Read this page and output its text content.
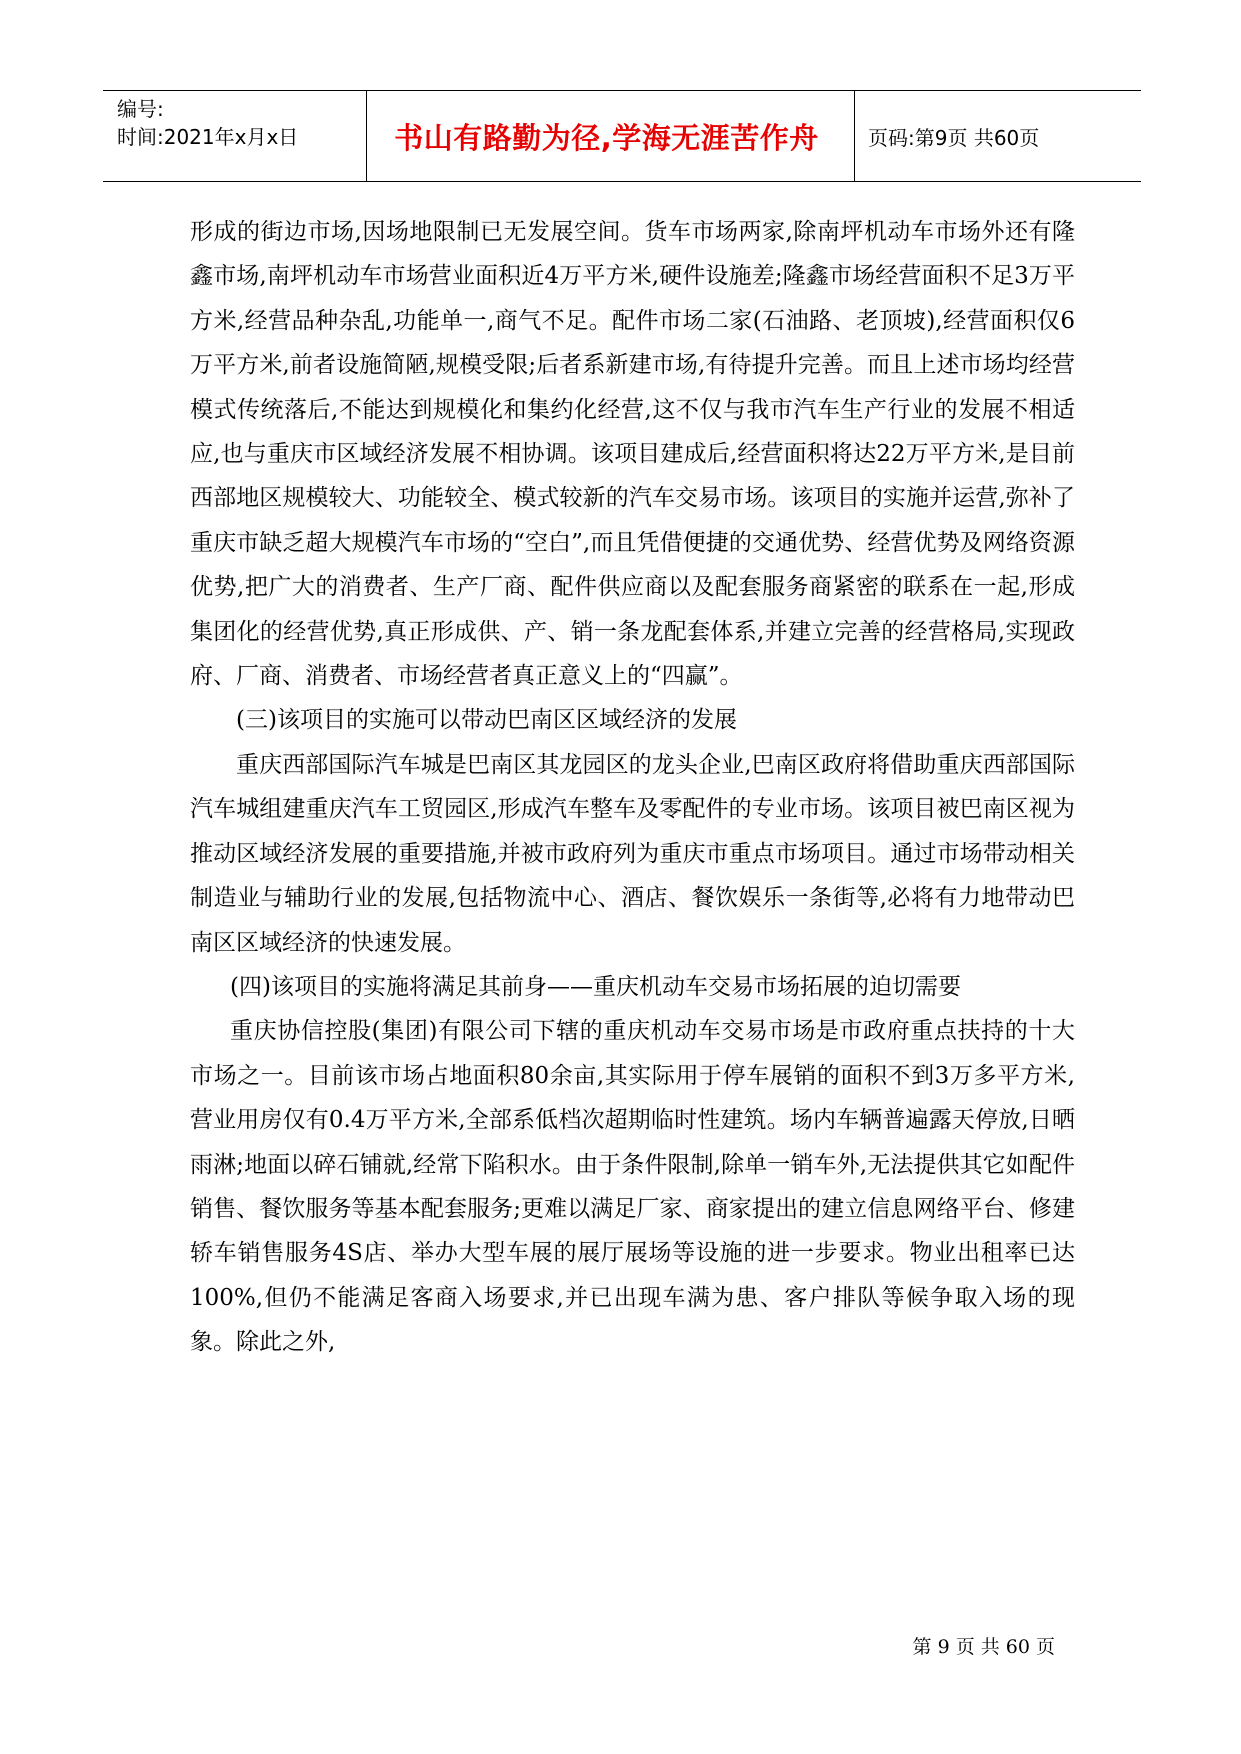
编号:
时间:2021年x月x日	书山有路勤为径,学海无涯苦作舟	页码:第9页 共60页

形成的街边市场,因场地限制已无发展空间。货车市场两家,除南坪机动车市场外还有隆鑫市场,南坪机动车市场营业面积近4万平方米,硬件设施差;隆鑫市场经营面积不足3万平方米,经营品种杂乱,功能单一,商气不足。配件市场二家(石油路、老顶坡),经营面积仅6万平方米,前者设施简陋,规模受限;后者系新建市场,有待提升完善。而且上述市场均经营模式传统落后,不能达到规模化和集约化经营,这不仅与我市汽车生产行业的发展不相适应,也与重庆市区域经济发展不相协调。该项目建成后,经营面积将达22万平方米,是目前西部地区规模较大、功能较全、模式较新的汽车交易市场。该项目的实施并运营,弥补了重庆市缺乏超大规模汽车市场的“空白”,而且凭借便捷的交通优势、经营优势及网络资源优势,把广大的消费者、生产厂商、配件供应商以及配套服务商紧密的联系在一起,形成集团化的经营优势,真正形成供、产、销一条龙配套体系,并建立完善的经营格局,实现政府、厂商、消费者、市场经营者真正意义上的“四赢”。

(三)该项目的实施可以带动巴南区区域经济的发展

重庆西部国际汽车城是巴南区其龙园区的龙头企业,巴南区政府将借助重庆西部国际汽车城组建重庆汽车工贸园区,形成汽车整车及零配件的专业市场。该项目被巴南区视为推动区域经济发展的重要措施,并被市政府列为重庆市重点市场项目。通过市场带动相关制造业与辅助行业的发展,包括物流中心、酒店、餐饮娱乐一条街等,必将有力地带动巴南区区域经济的快速发展。

(四)该项目的实施将满足其前身——重庆机动车交易市场拓展的迫切需要

重庆协信控股(集团)有限公司下辖的重庆机动车交易市场是市政府重点扶持的十大市场之一。目前该市场占地面积80余亩,其实际用于停车展销的面积不到3万多平方米,营业用房仅有0.4万平方米,全部系低档次超期临时性建筑。场内车辆普遍露天停放,日晒雨淋;地面以碎石铺就,经常下陷积水。由于条件限制,除单一销车外,无法提供其它如配件销售、餐饮服务等基本配套服务;更难以满足厂家、商家提出的建立信息网络平台、修建轿车销售服务4S店、举办大型车展的展厅展场等设施的进一步要求。物业出租率已达100%,但仍不能满足客商入场要求,并已出现车满为患、客户排队等候争取入场的现象。除此之外,

第 9 页 共 60 页
